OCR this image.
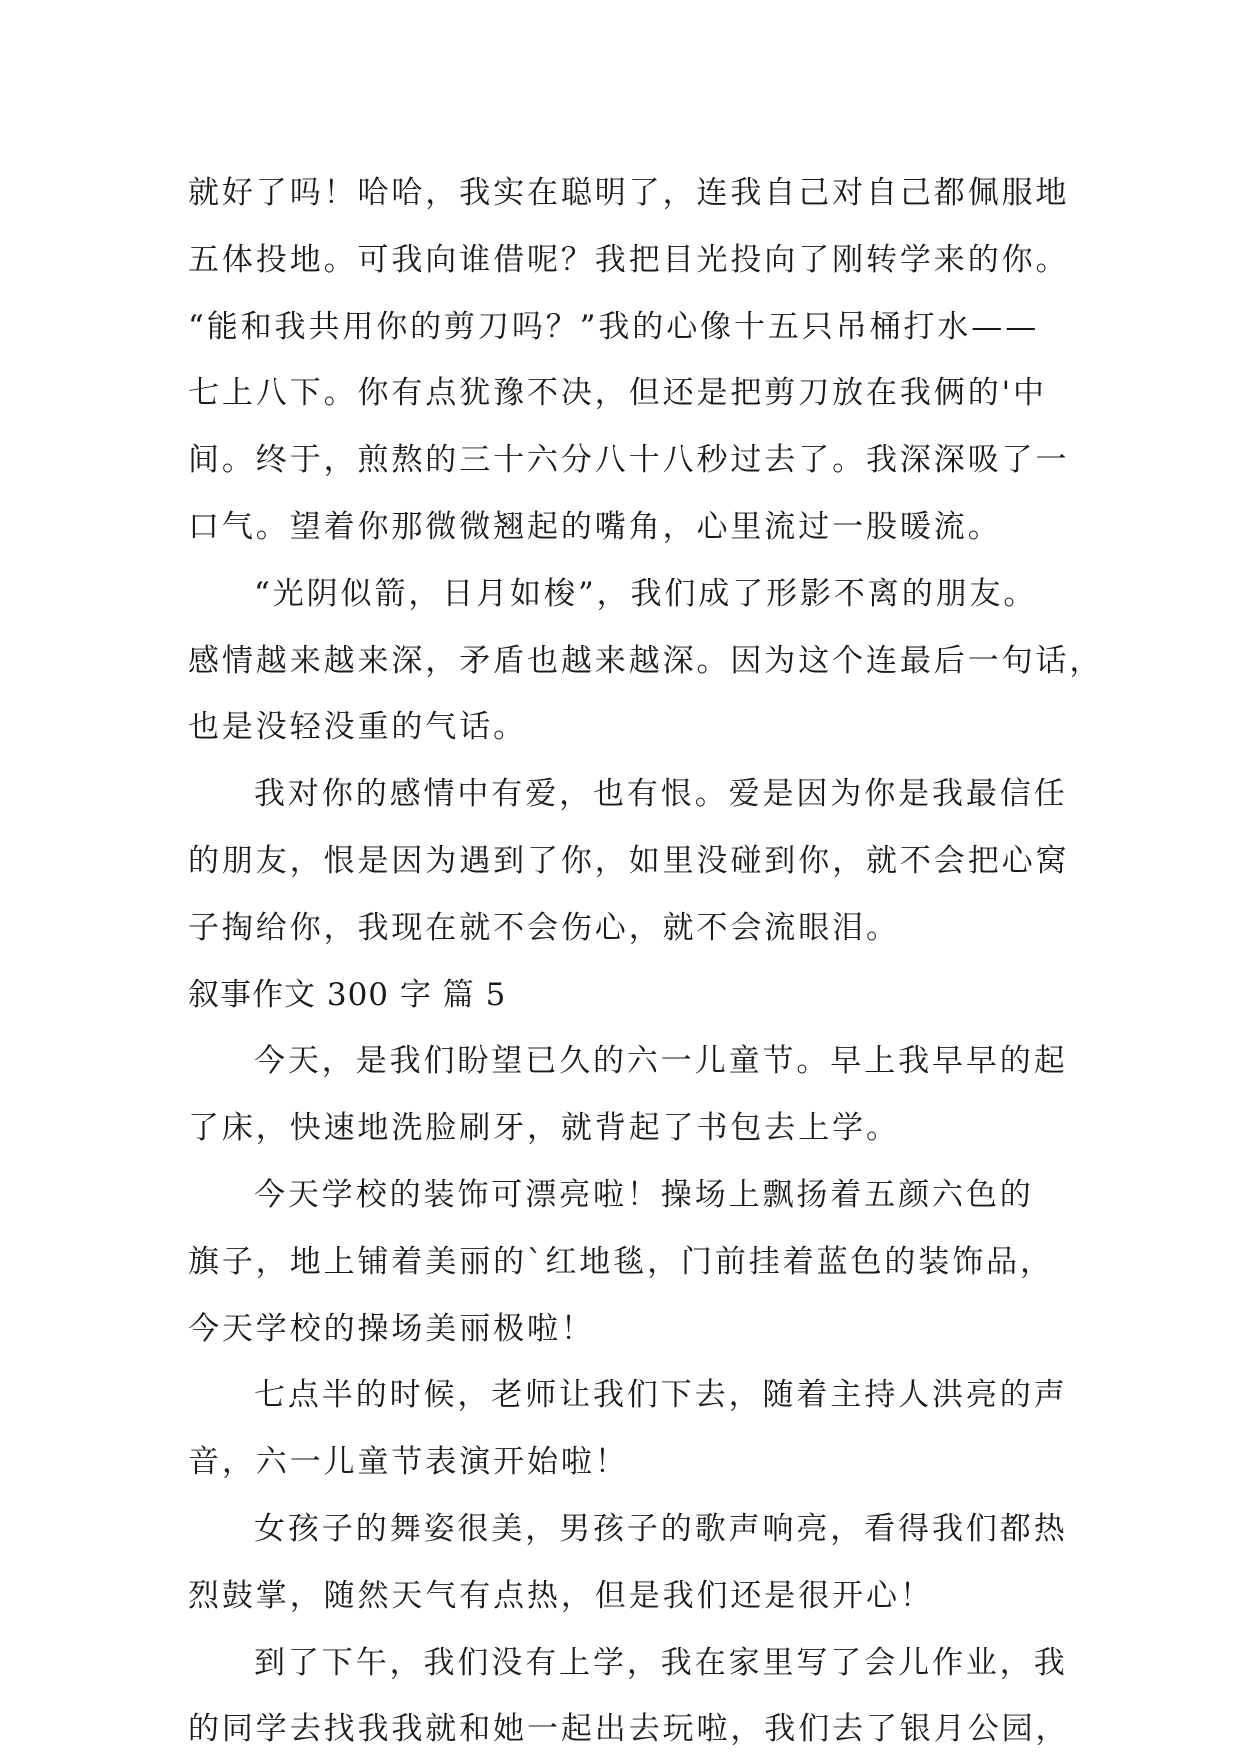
就好了吗！哈哈，我实在聪明了，连我自己对自己都佩服地
五体投地。可我向谁借呢？我把目光投向了刚转学来的你。
“能和我共用你的剪刀吗？”我的心像十五只吊桶打水——
七上八下。你有点犹豫不决，但还是把剪刀放在我俩的'中
间。终于，煎熬的三十六分八十八秒过去了。我深深吸了一
口气。望着你那微微翘起的嘴角，心里流过一股暖流。
“光阴似箭，日月如梭”，我们成了形影不离的朋友。
感情越来越来深，矛盾也越来越深。因为这个连最后一句话，
也是没轻没重的气话。
我对你的感情中有爱，也有恨。爱是因为你是我最信任
的朋友，恨是因为遇到了你，如里没碰到你，就不会把心窝
子掏给你，我现在就不会伤心，就不会流眼泪。
叙事作文 300 字 篇 5
今天，是我们盼望已久的六一儿童节。早上我早早的起
了床，快速地洗脸刷牙，就背起了书包去上学。
今天学校的装饰可漂亮啦！操场上飘扬着五颜六色的
旗子，地上铺着美丽的`红地毯，门前挂着蓝色的装饰品，
今天学校的操场美丽极啦！
七点半的时候，老师让我们下去，随着主持人洪亮的声
音，六一儿童节表演开始啦！
女孩子的舞姿很美，男孩子的歌声响亮，看得我们都热
烈鼓掌，随然天气有点热，但是我们还是很开心！
到了下午，我们没有上学，我在家里写了会儿作业，我
的同学去找我我就和她一起出去玩啦，我们去了银月公园，
